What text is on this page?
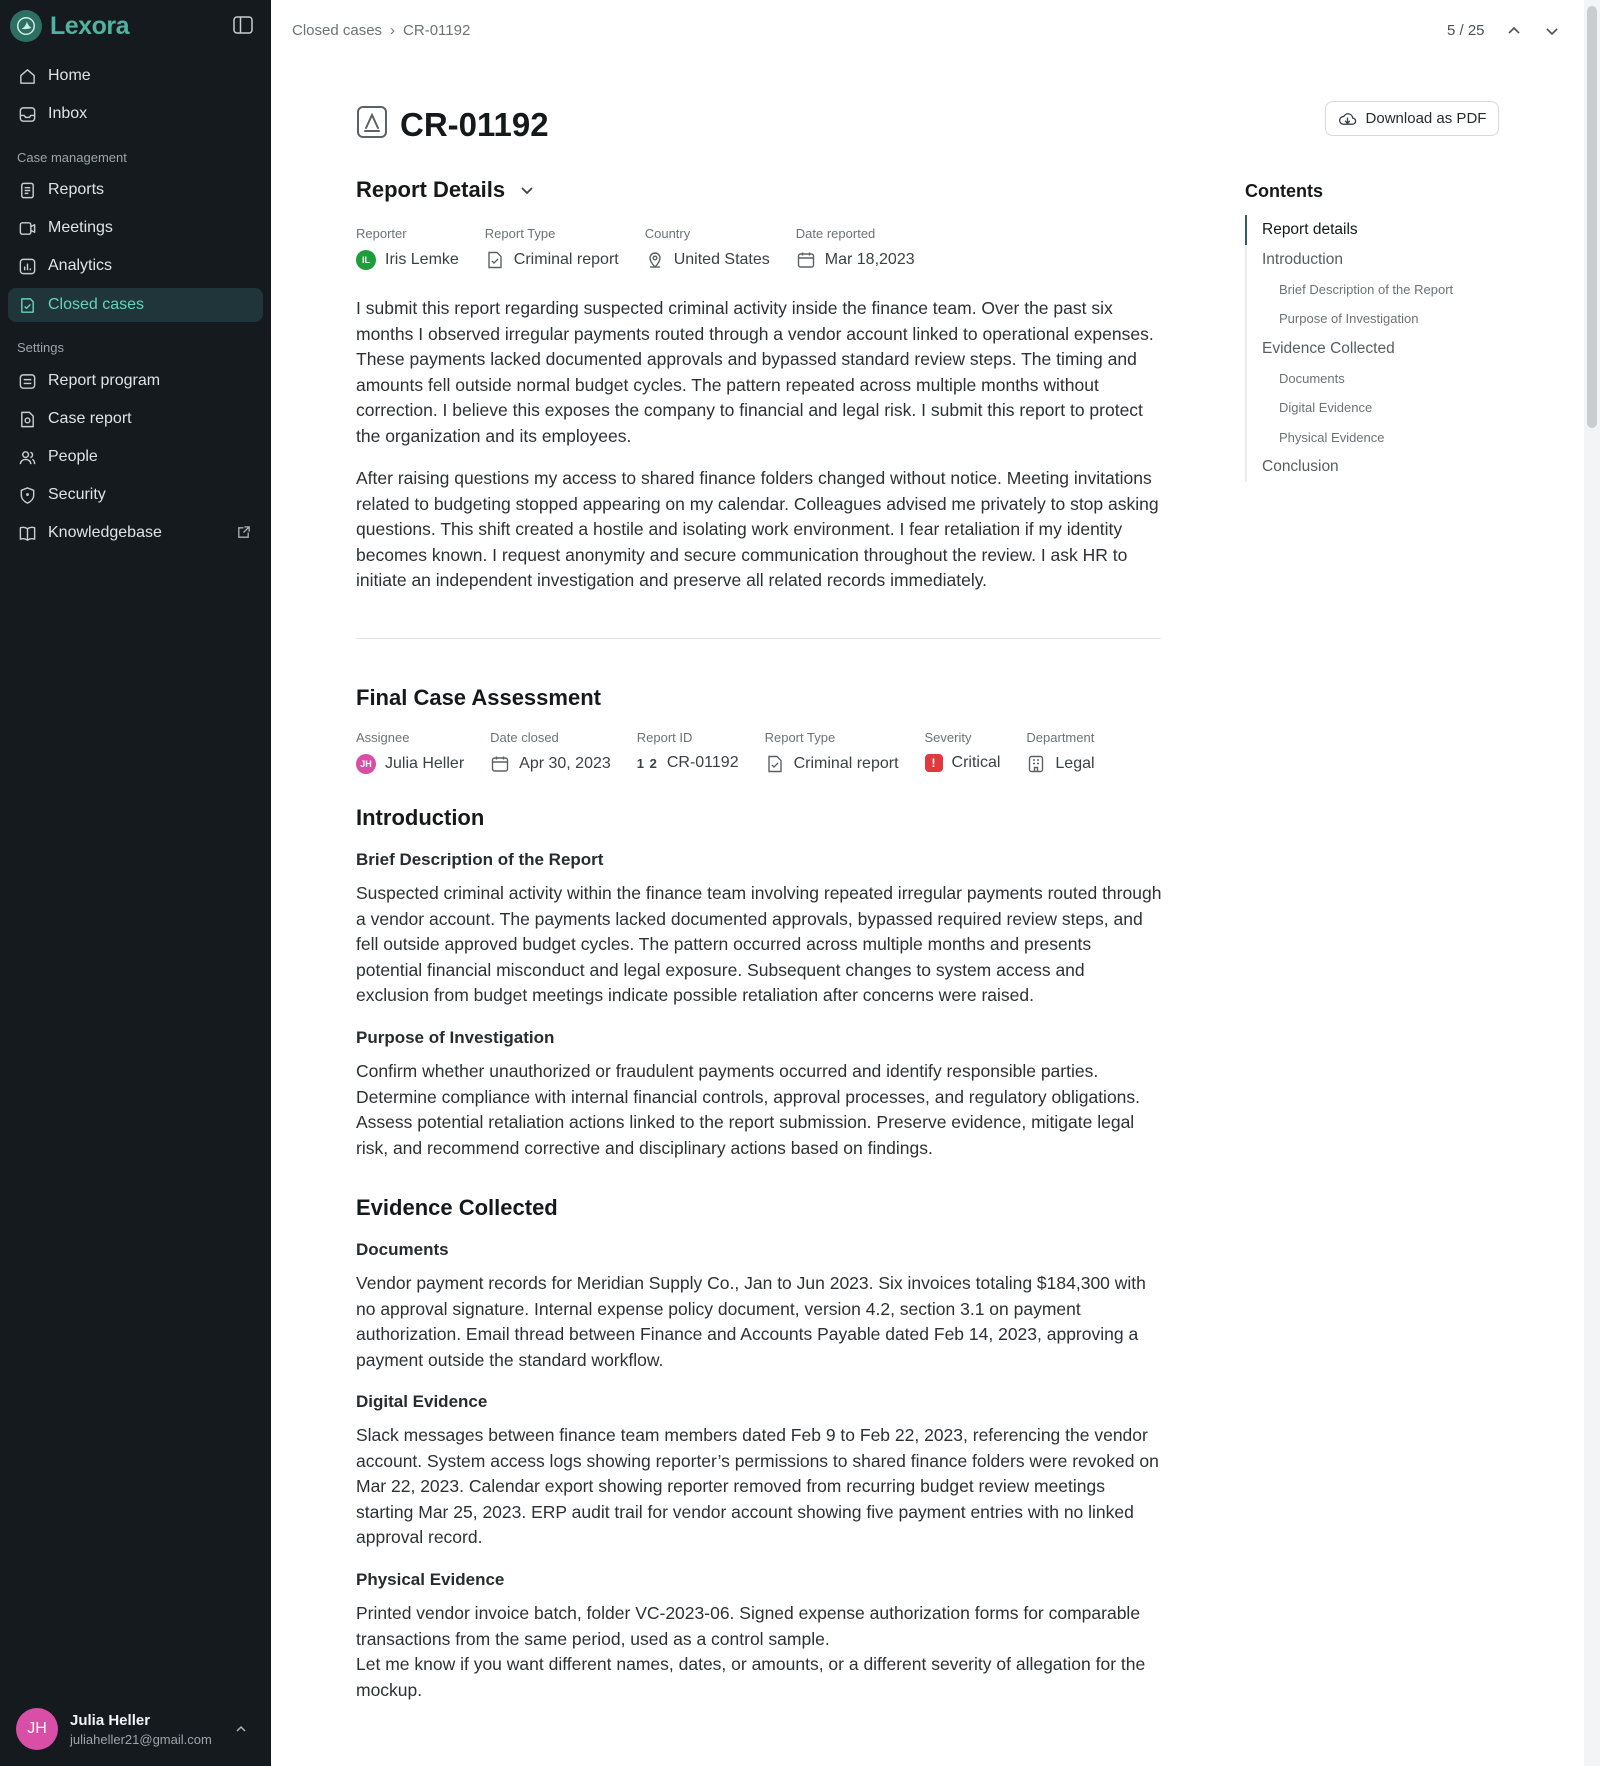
Lexora
Home
Inbox
Case management
Reports
Meetings
Analytics
Closed cases
Settings
Report program
Case report
People
Security
Knowledgebase
JH	Julia Heller
juliaheller21@gmail.com
Closed cases › CR-01192	5 / 25
CR-01192	Download as PDF
Report Details
Reporter
IL Iris Lemke
Report Type
Criminal report
Country
United States
Date reported
Mar 18,2023

I submit this report regarding suspected criminal activity inside the finance team. Over the past six months I observed irregular payments routed through a vendor account linked to operational expenses. These payments lacked documented approvals and bypassed standard review steps. The timing and amounts fell outside normal budget cycles. The pattern repeated across multiple months without correction. I believe this exposes the company to financial and legal risk. I submit this report to protect the organization and its employees.

After raising questions my access to shared finance folders changed without notice. Meeting invitations related to budgeting stopped appearing on my calendar. Colleagues advised me privately to stop asking questions. This shift created a hostile and isolating work environment. I fear retaliation if my identity becomes known. I request anonymity and secure communication throughout the review. I ask HR to initiate an independent investigation and preserve all related records immediately.

Final Case Assessment
Assignee
JH Julia Heller
Date closed
Apr 30, 2023
Report ID
1 2 CR-01192
Report Type
Criminal report
Severity
!	Critical
Department
Legal
Introduction
Brief Description of the Report

Suspected criminal activity within the finance team involving repeated irregular payments routed through a vendor account. The payments lacked documented approvals, bypassed required review steps, and fell outside approved budget cycles. The pattern occurred across multiple months and presents potential financial misconduct and legal exposure. Subsequent changes to system access and exclusion from budget meetings indicate possible retaliation after concerns were raised.

Purpose of Investigation

Confirm whether unauthorized or fraudulent payments occurred and identify responsible parties. Determine compliance with internal financial controls, approval processes, and regulatory obligations. Assess potential retaliation actions linked to the report submission. Preserve evidence, mitigate legal risk, and recommend corrective and disciplinary actions based on findings.

Evidence Collected
Documents

Vendor payment records for Meridian Supply Co., Jan to Jun 2023. Six invoices totaling $184,300 with no approval signature. Internal expense policy document, version 4.2, section 3.1 on payment authorization. Email thread between Finance and Accounts Payable dated Feb 14, 2023, approving a payment outside the standard workflow.

Digital Evidence

Slack messages between finance team members dated Feb 9 to Feb 22, 2023, referencing the vendor account. System access logs showing reporter’s permissions to shared finance folders were revoked on Mar 22, 2023. Calendar export showing reporter removed from recurring budget review meetings starting Mar 25, 2023. ERP audit trail for vendor account showing five payment entries with no linked approval record.

Physical Evidence

Printed vendor invoice batch, folder VC-2023-06. Signed expense authorization forms for comparable transactions from the same period, used as a control sample.

Let me know if you want different names, dates, or amounts, or a different severity of allegation for the mockup.

Contents
Report details
Introduction
Brief Description of the Report
Purpose of Investigation
Evidence Collected
Documents
Digital Evidence
Physical Evidence
Conclusion
